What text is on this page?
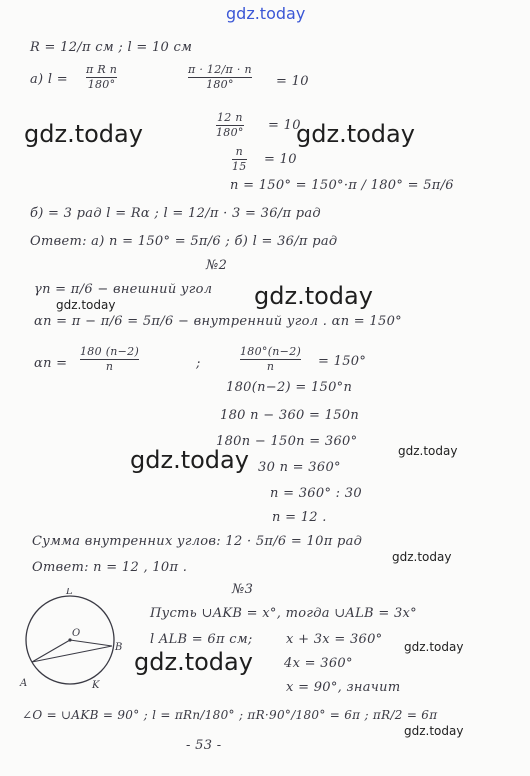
gdz.today
R = 12/π см ; l = 10 см
а) l =
π R n
180°
π · 12/π · n
180°	= 10
12 n
180° = 10
n
15 = 10
n = 150° = 150°·π / 180° = 5π/6
gdz.today	gdz.today
б) = 3 рад l = Rα ; l = 12/π · 3 = 36/π рад
Ответ: а) n = 150° = 5π/6 ; б) l = 36/π рад
№2
γn = π/6 − внешний угол gdz.today
gdz.today
αn = π − π/6 = 5π/6 − внутренний угол . αn = 150°
αn =
180 (n−2)
n	;
180°(n−2)
n	= 150°
180(n−2) = 150°n
180 n − 360 = 150n
180n − 150n = 360°
30 n = 360°
n = 360° : 30
n = 12 .
gdz.today	gdz.today
Сумма внутренних углов: 12 · 5π/6 = 10π рад
gdz.today
Ответ: n = 12 , 10π .
№3
L
O
B
A	K
Пусть ∪AKB = x°, тогда ∪ALB = 3x°
l ALB = 6π см;	x + 3x = 360° gdz.today
4x = 360°
gdz.today
x = 90°, значит
∠O = ∪AKB = 90° ; l = πRn/180° ; πR·90°/180° = 6π ; πR/2 = 6π
gdz.today
- 53 -
